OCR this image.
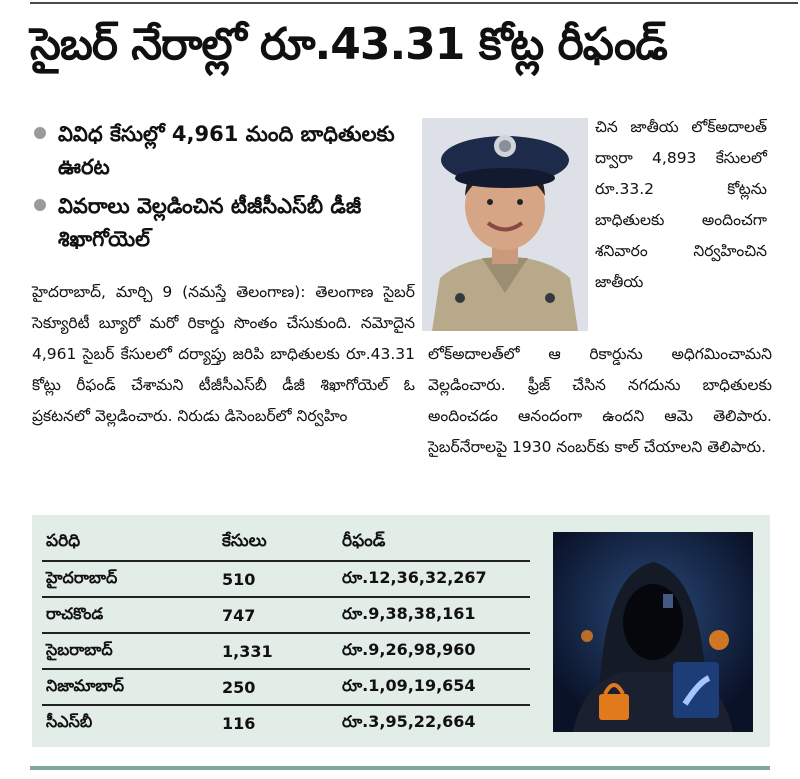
సైబర్ నేరాల్లో రూ.43.31 కోట్ల రీఫండ్
వివిధ కేసుల్లో 4,961 మంది బాధితులకు ఊరట
వివరాలు వెల్లడించిన టీజీసీఎస్‌బీ డీజీ శిఖాగోయెల్
హైదరాబాద్, మార్చి 9 (నమస్తే తెలంగాణ): తెలంగాణ సైబర్ సెక్యూరిటీ బ్యూరో మరో రికార్డు సొంతం చేసుకుంది. నమోదైన 4,961 సైబర్ కేసులలో దర్యాప్తు జరిపి బాధితులకు రూ.43.31 కోట్లు రీఫండ్ చేశామని టీజీసీఎస్‌బీ డీజీ శిఖాగోయెల్ ఓ ప్రకటనలో వెల్లడించారు. నిరుడు డిసెంబర్‌లో నిర్వహిం
చిన జాతీయ లోక్‌అదాలత్ ద్వారా 4,893 కేసులలో రూ.33.2 కోట్లను బాధితులకు అందించగా శనివారం నిర్వహించిన జాతీయ
లోక్‌అదాలత్‌లో ఆ రికార్డును అధిగమించామని వెల్లడించారు. ఫ్రీజ్ చేసిన నగదును బాధితులకు అందించడం ఆనందంగా ఉందని ఆమె తెలిపారు. సైబర్‌నేరాలపై 1930 నంబర్‌కు కాల్ చేయాలని తెలిపారు.
పరిధి	కేసులు	రీఫండ్
హైదరాబాద్	510	రూ.12,36,32,267
రాచకొండ	747	రూ.9,38,38,161
సైబరాబాద్	1,331	రూ.9,26,98,960
నిజామాబాద్	250	రూ.1,09,19,654
సీఎస్‌బీ	116	రూ.3,95,22,664
